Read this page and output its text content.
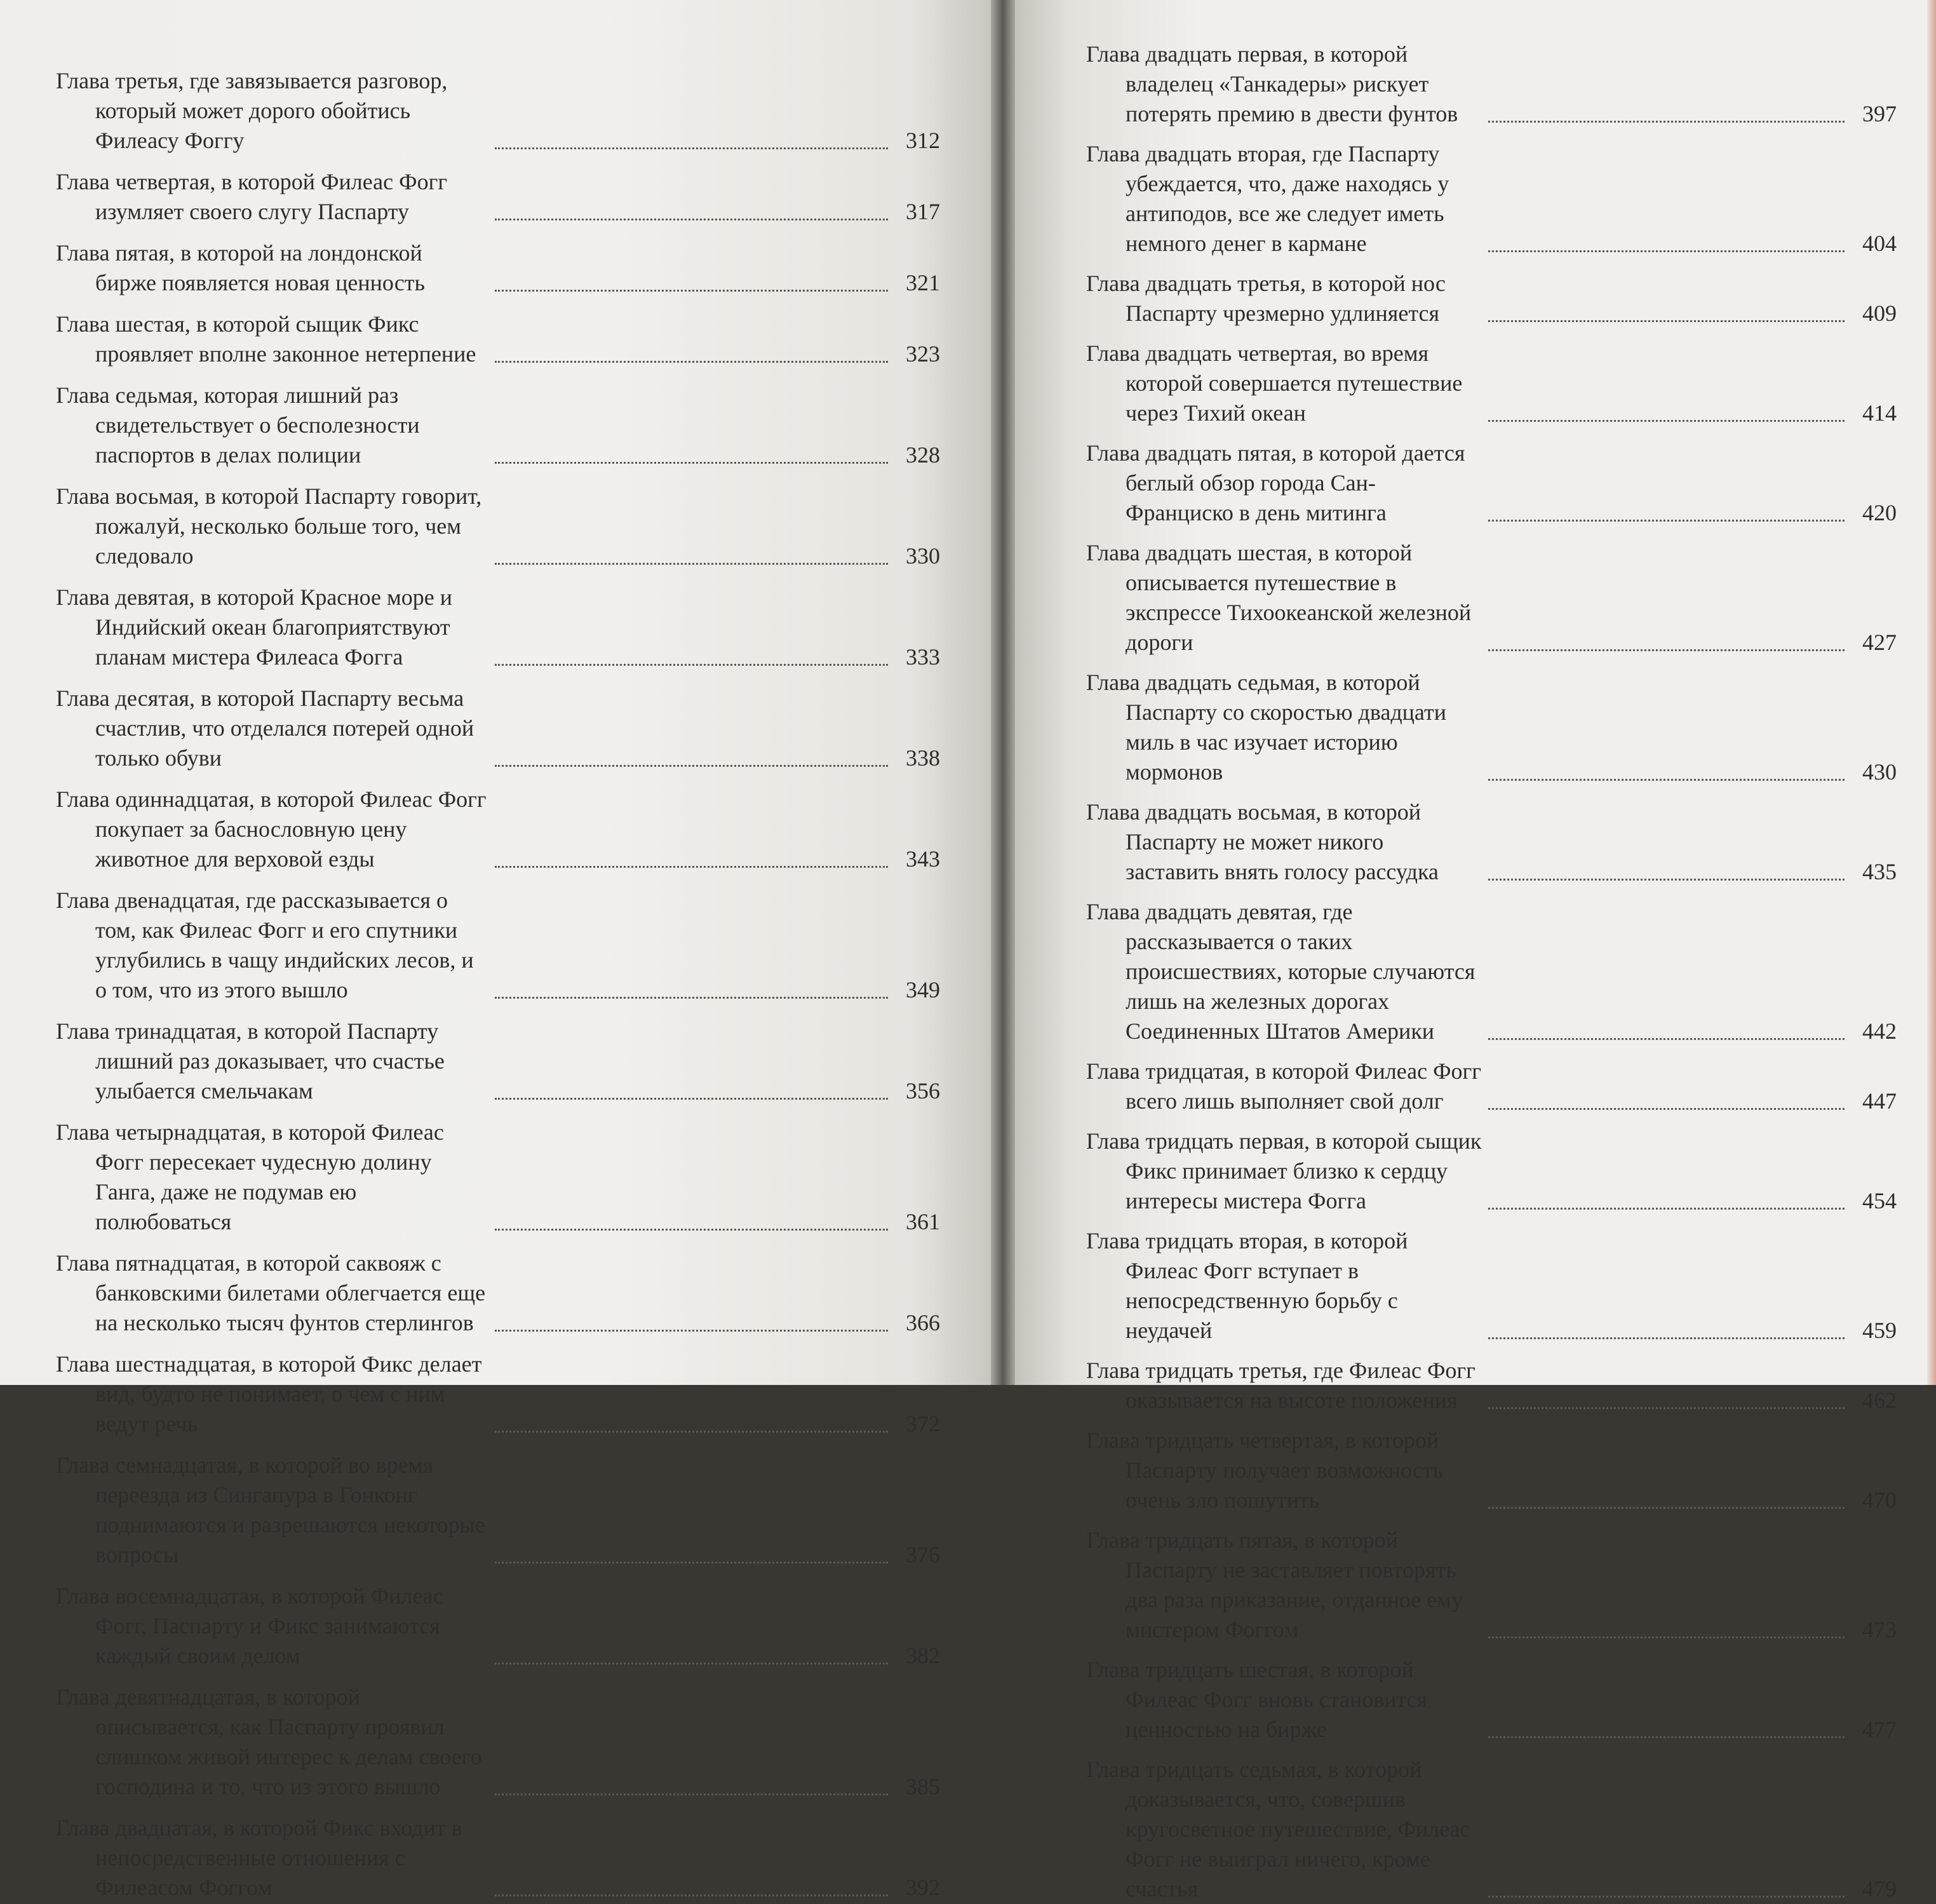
Глава третья, где завязывается разговор, который может дорого обойтись Филеасу Фоггу	312
Глава четвертая, в которой Филеас Фогг изумляет своего слугу Паспарту	317
Глава пятая, в которой на лондонской бирже появляется новая ценность	321
Глава шестая, в которой сыщик Фикс проявляет вполне законное нетерпение	323
Глава седьмая, которая лишний раз свидетельствует о бесполезности паспортов в делах полиции	328
Глава восьмая, в которой Паспарту говорит, пожалуй, несколько больше того, чем следовало	330
Глава девятая, в которой Красное море и Индийский океан благоприятствуют планам мистера Филеаса Фогга	333
Глава десятая, в которой Паспарту весьма счастлив, что отделался потерей одной только обуви	338
Глава одиннадцатая, в которой Филеас Фогг покупает за баснословную цену животное для верховой езды	343
Глава двенадцатая, где рассказывается о том, как Филеас Фогг и его спутники углубились в чащу индийских лесов, и о том, что из этого вышло	349
Глава тринадцатая, в которой Паспарту лишний раз доказывает, что счастье улыбается смельчакам	356
Глава четырнадцатая, в которой Филеас Фогг пересекает чудесную долину Ганга, даже не подумав ею полюбоваться	361
Глава пятнадцатая, в которой саквояж с банковскими билетами облегчается еще на несколько тысяч фунтов стерлингов	366
Глава шестнадцатая, в которой Фикс делает вид, будто не понимает, о чем с ним ведут речь	372
Глава семнадцатая, в которой во время переезда из Сингапура в Гонконг поднимаются и разрешаются некоторые вопросы	376
Глава восемнадцатая, в которой Филеас Фогг, Паспарту и Фикс занимаются каждый своим делом	382
Глава девятнадцатая, в которой описывается, как Паспарту проявил слишком живой интерес к делам своего господина и то, что из этого вышло	385
Глава двадцатая, в которой Фикс входит в непосредственные отношения с Филеасом Фоггом	392
Глава двадцать первая, в которой владелец «Танкадеры» рискует потерять премию в двести фунтов	397
Глава двадцать вторая, где Паспарту убеждается, что, даже находясь у антиподов, все же следует иметь немного денег в кармане	404
Глава двадцать третья, в которой нос Паспарту чрезмерно удлиняется	409
Глава двадцать четвертая, во время которой совершается путешествие через Тихий океан	414
Глава двадцать пятая, в которой дается беглый обзор города Сан-Франциско в день митинга	420
Глава двадцать шестая, в которой описывается путешествие в экспрессе Тихоокеанской железной дороги	427
Глава двадцать седьмая, в которой Паспарту со скоростью двадцати миль в час изучает историю мормонов	430
Глава двадцать восьмая, в которой Паспарту не может никого заставить внять голосу рассудка	435
Глава двадцать девятая, где рассказывается о таких происшествиях, которые случаются лишь на железных дорогах Соединенных Штатов Америки	442
Глава тридцатая, в которой Филеас Фогг всего лишь выполняет свой долг	447
Глава тридцать первая, в которой сыщик Фикс принимает близко к сердцу интересы мистера Фогга	454
Глава тридцать вторая, в которой Филеас Фогг вступает в непосредственную борьбу с неудачей	459
Глава тридцать третья, где Филеас Фогг оказывается на высоте положения	462
Глава тридцать четвертая, в которой Паспарту получает возможность очень зло пошутить	470
Глава тридцать пятая, в которой Паспарту не заставляет повторять два раза приказание, отданное ему мистером Фоггом	473
Глава тридцать шестая, в которой Филеас Фогг вновь становится ценностью на бирже	477
Глава тридцать седьмая, в которой доказывается, что, совершив кругосветное путешествие, Филеас Фогг не выиграл ничего, кроме счастья	479
